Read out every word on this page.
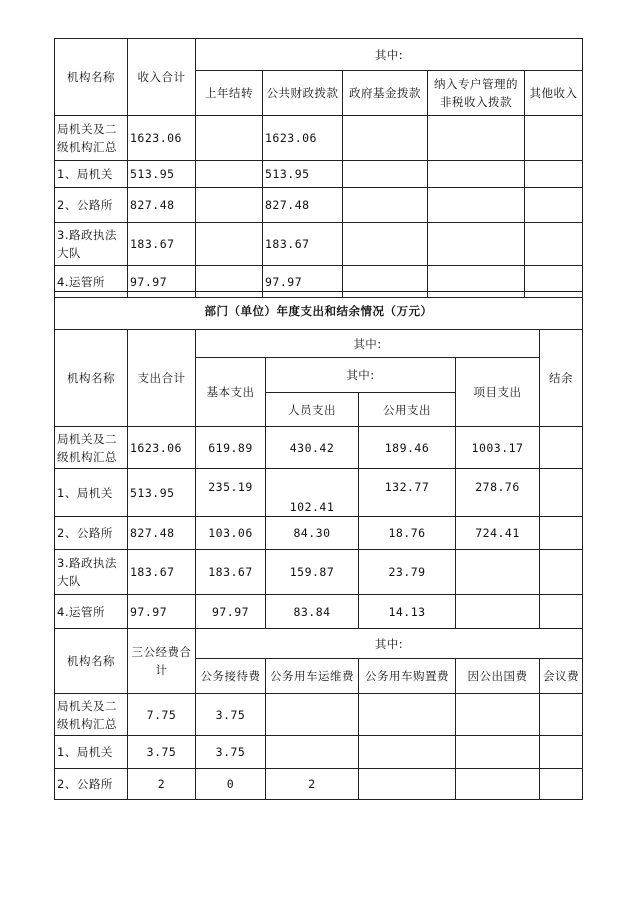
机构名称	收入合计	其中:				
		上年结转	公共财政拨款	政府基金拨款	纳入专户管理的非税收入拨款	其他收入
局机关及二级机构汇总	1623.06		1623.06			
1、局机关	513.95		513.95			
2、公路所	827.48		827.48			
3.路政执法大队	183.67		183.67			
4.运管所	97.97		97.97			
部门（单位）年度支出和结余情况（万元）						
机构名称	支出合计	其中:				结余
		基本支出	其中:		项目支出	
			人员支出	公用支出		
局机关及二级机构汇总	1623.06	619.89	430.42	189.46	1003.17	
1、局机关	513.95	235.19	102.41	132.77	278.76	
2、公路所	827.48	103.06	84.30	18.76	724.41	
3.路政执法大队	183.67	183.67	159.87	23.79		
4.运管所	97.97	97.97	83.84	14.13		
机构名称	三公经费合计	其中:				
		公务接待费	公务用车运维费	公务用车购置费	因公出国费	会议费
局机关及二级机构汇总	7.75	3.75				
1、局机关	3.75	3.75				
2、公路所	2	0	2			
